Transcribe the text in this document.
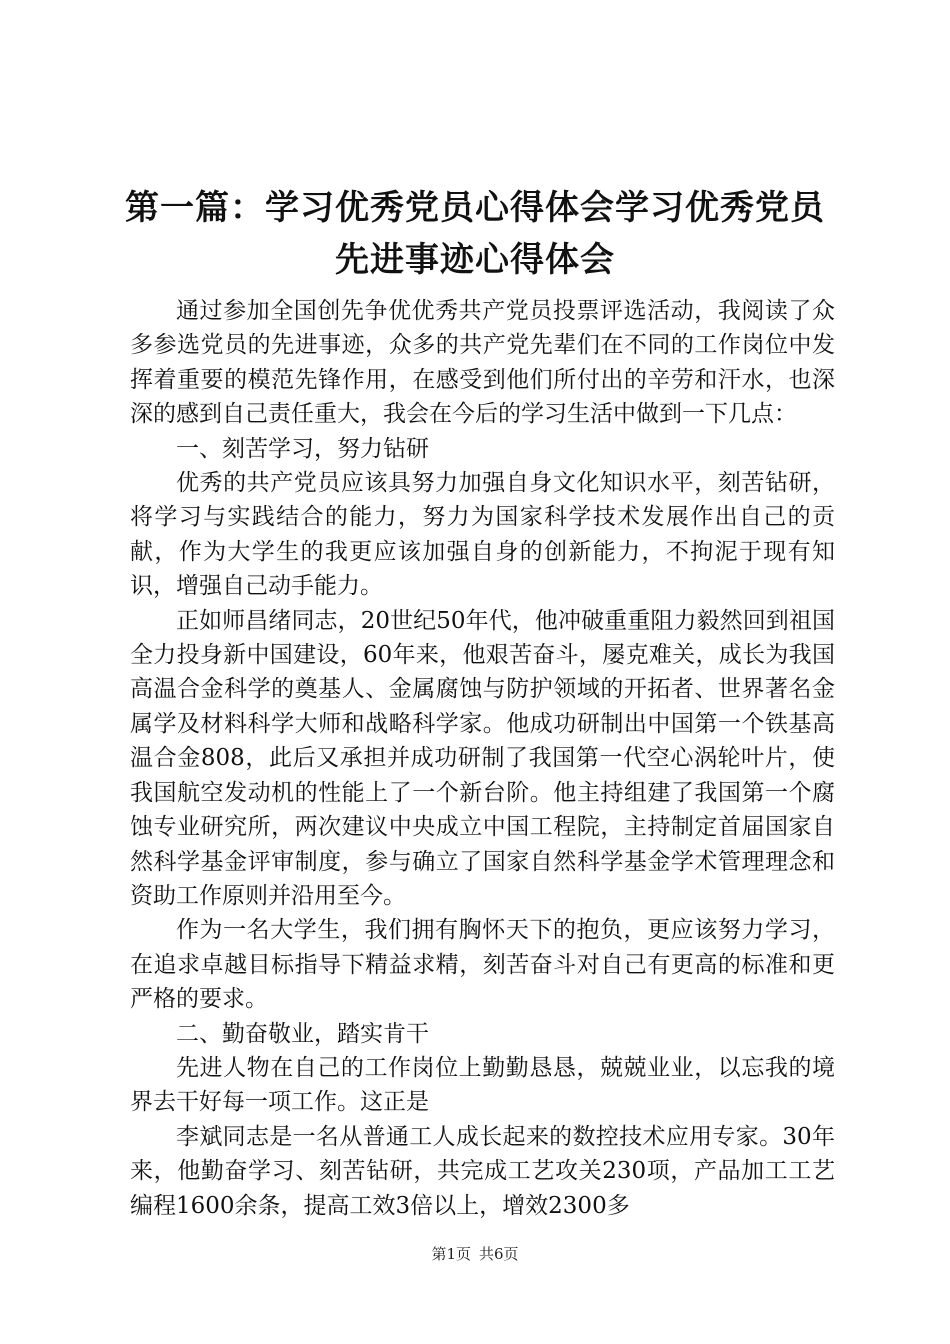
第一篇：学习优秀党员心得体会学习优秀党员
先进事迹心得体会

通过参加全国创先争优优秀共产党员投票评选活动，我阅读了众多参选党员的先进事迹，众多的共产党先辈们在不同的工作岗位中发挥着重要的模范先锋作用，在感受到他们所付出的辛劳和汗水，也深深的感到自己责任重大，我会在今后的学习生活中做到一下几点：

一、刻苦学习，努力钻研

优秀的共产党员应该具努力加强自身文化知识水平，刻苦钻研，将学习与实践结合的能力，努力为国家科学技术发展作出自己的贡献，作为大学生的我更应该加强自身的创新能力，不拘泥于现有知识，增强自己动手能力。

正如师昌绪同志，20世纪50年代，他冲破重重阻力毅然回到祖国全力投身新中国建设，60年来，他艰苦奋斗，屡克难关，成长为我国高温合金科学的奠基人、金属腐蚀与防护领域的开拓者、世界著名金属学及材料科学大师和战略科学家。他成功研制出中国第一个铁基高温合金808，此后又承担并成功研制了我国第一代空心涡轮叶片，使我国航空发动机的性能上了一个新台阶。他主持组建了我国第一个腐蚀专业研究所，两次建议中央成立中国工程院，主持制定首届国家自然科学基金评审制度，参与确立了国家自然科学基金学术管理理念和资助工作原则并沿用至今。

作为一名大学生，我们拥有胸怀天下的抱负，更应该努力学习，在追求卓越目标指导下精益求精，刻苦奋斗对自己有更高的标准和更严格的要求。

二、勤奋敬业，踏实肯干

先进人物在自己的工作岗位上勤勤恳恳，兢兢业业，以忘我的境界去干好每一项工作。这正是

李斌同志是一名从普通工人成长起来的数控技术应用专家。30年来，他勤奋学习、刻苦钻研，共完成工艺攻关230项，产品加工工艺编程1600余条，提高工效3倍以上，增效2300多

第1页 共6页
